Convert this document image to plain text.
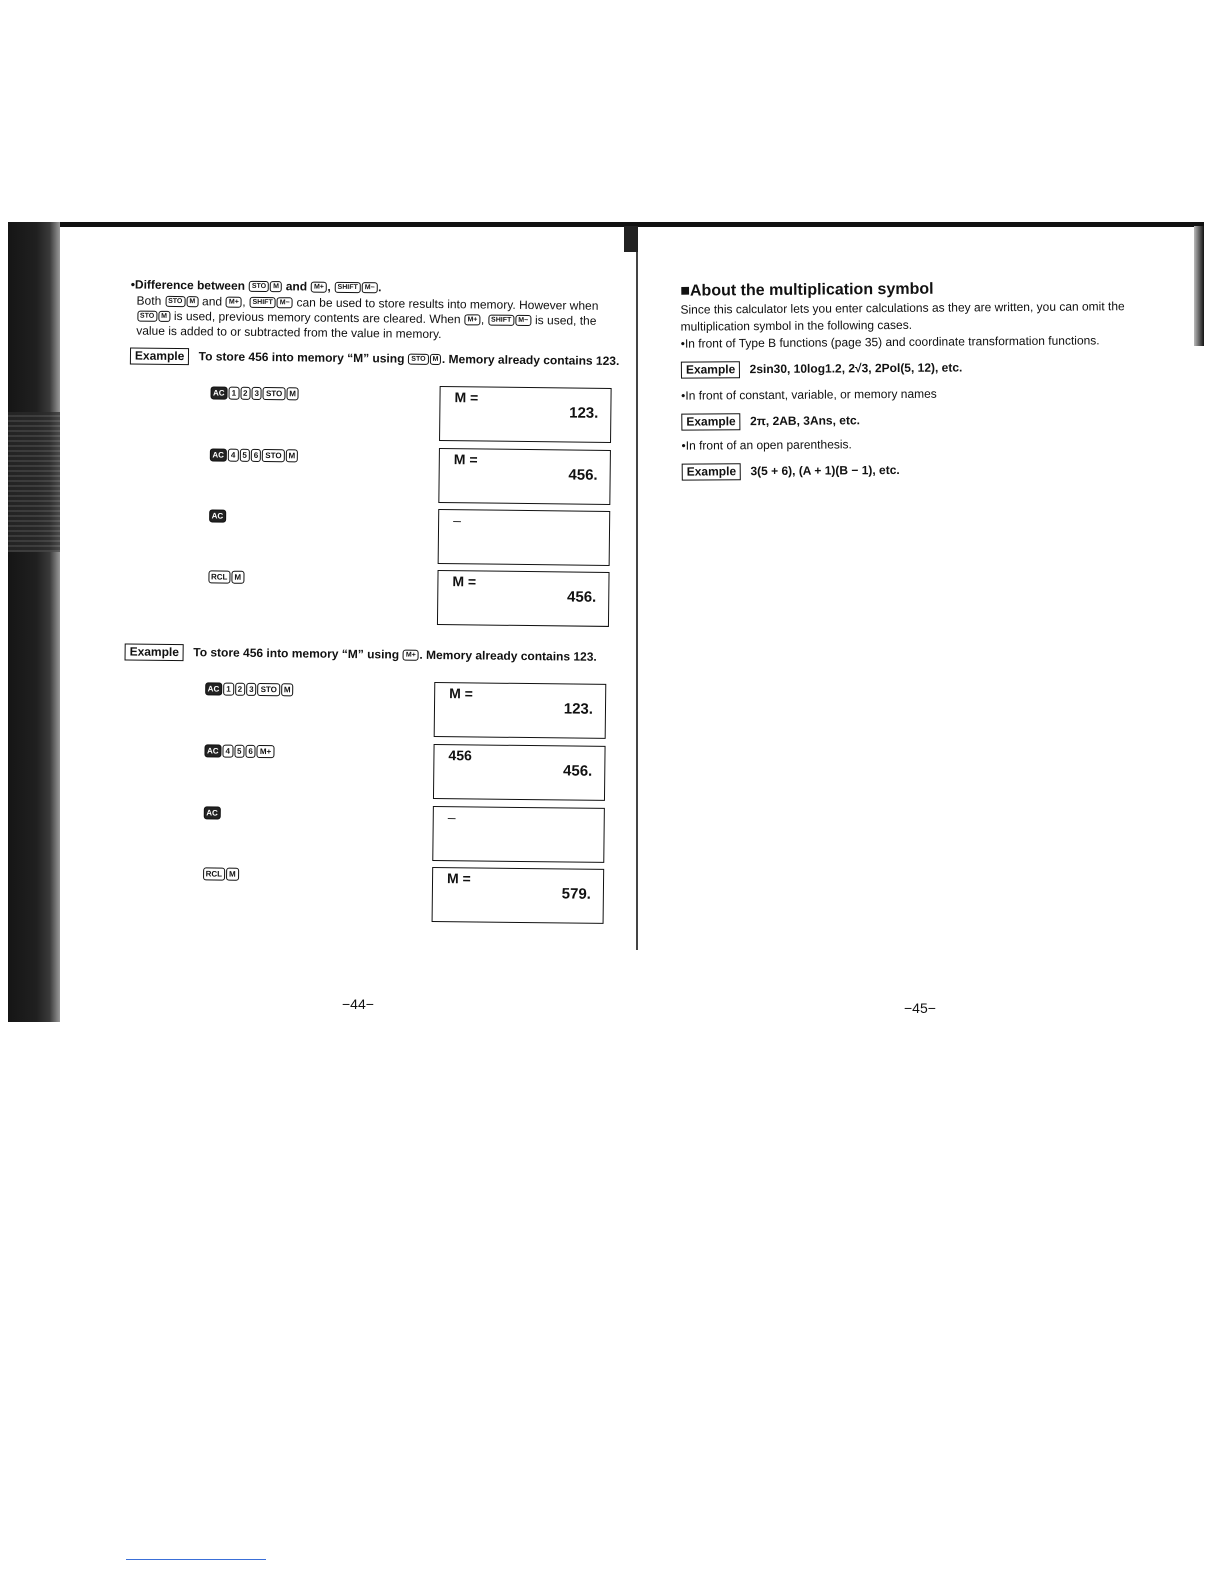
•Difference between STO M and M+ , SHIFT M− .
Both STO M and M+ , SHIFT M− can be used to store results into memory. However when STO M is used, previous memory contents are cleared. When M+ , SHIFT M− is used, the value is added to or subtracted from the value in memory.
Example To store 456 into memory “M” using STO M . Memory already contains 123.
AC 1 2 3 STO M	M =
123.
AC 4 5 6 STO M	M =
456.
AC	–
RCL M	M =
456.
Example To store 456 into memory “M” using M+ . Memory already contains 123.
AC 1 2 3 STO M	M =
123.
AC 4 5 6 M+	456
456.
AC	–
RCL M	M =
579.
−44−
■About the multiplication symbol
Since this calculator lets you enter calculations as they are written, you can omit the multiplication symbol in the following cases.
•In front of Type B functions (page 35) and coordinate transformation functions.
Example 2sin30, 10log1.2, 2√3, 2Pol(5, 12), etc.
•In front of constant, variable, or memory names
Example 2π, 2AB, 3Ans, etc.
•In front of an open parenthesis.
Example 3(5 + 6), (A + 1)(B − 1), etc.
−45−
